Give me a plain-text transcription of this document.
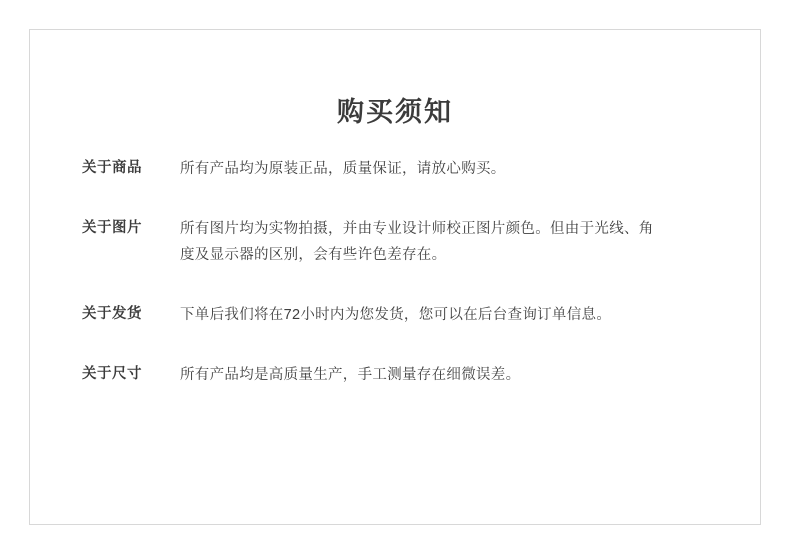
购买须知
关于商品	所有产品均为原装正品，质量保证，请放心购买。
关于图片	所有图片均为实物拍摄，并由专业设计师校正图片颜色。但由于光线、角度及显示器的区别，会有些许色差存在。
关于发货	下单后我们将在72小时内为您发货，您可以在后台查询订单信息。
关于尺寸	所有产品均是高质量生产，手工测量存在细微误差。
